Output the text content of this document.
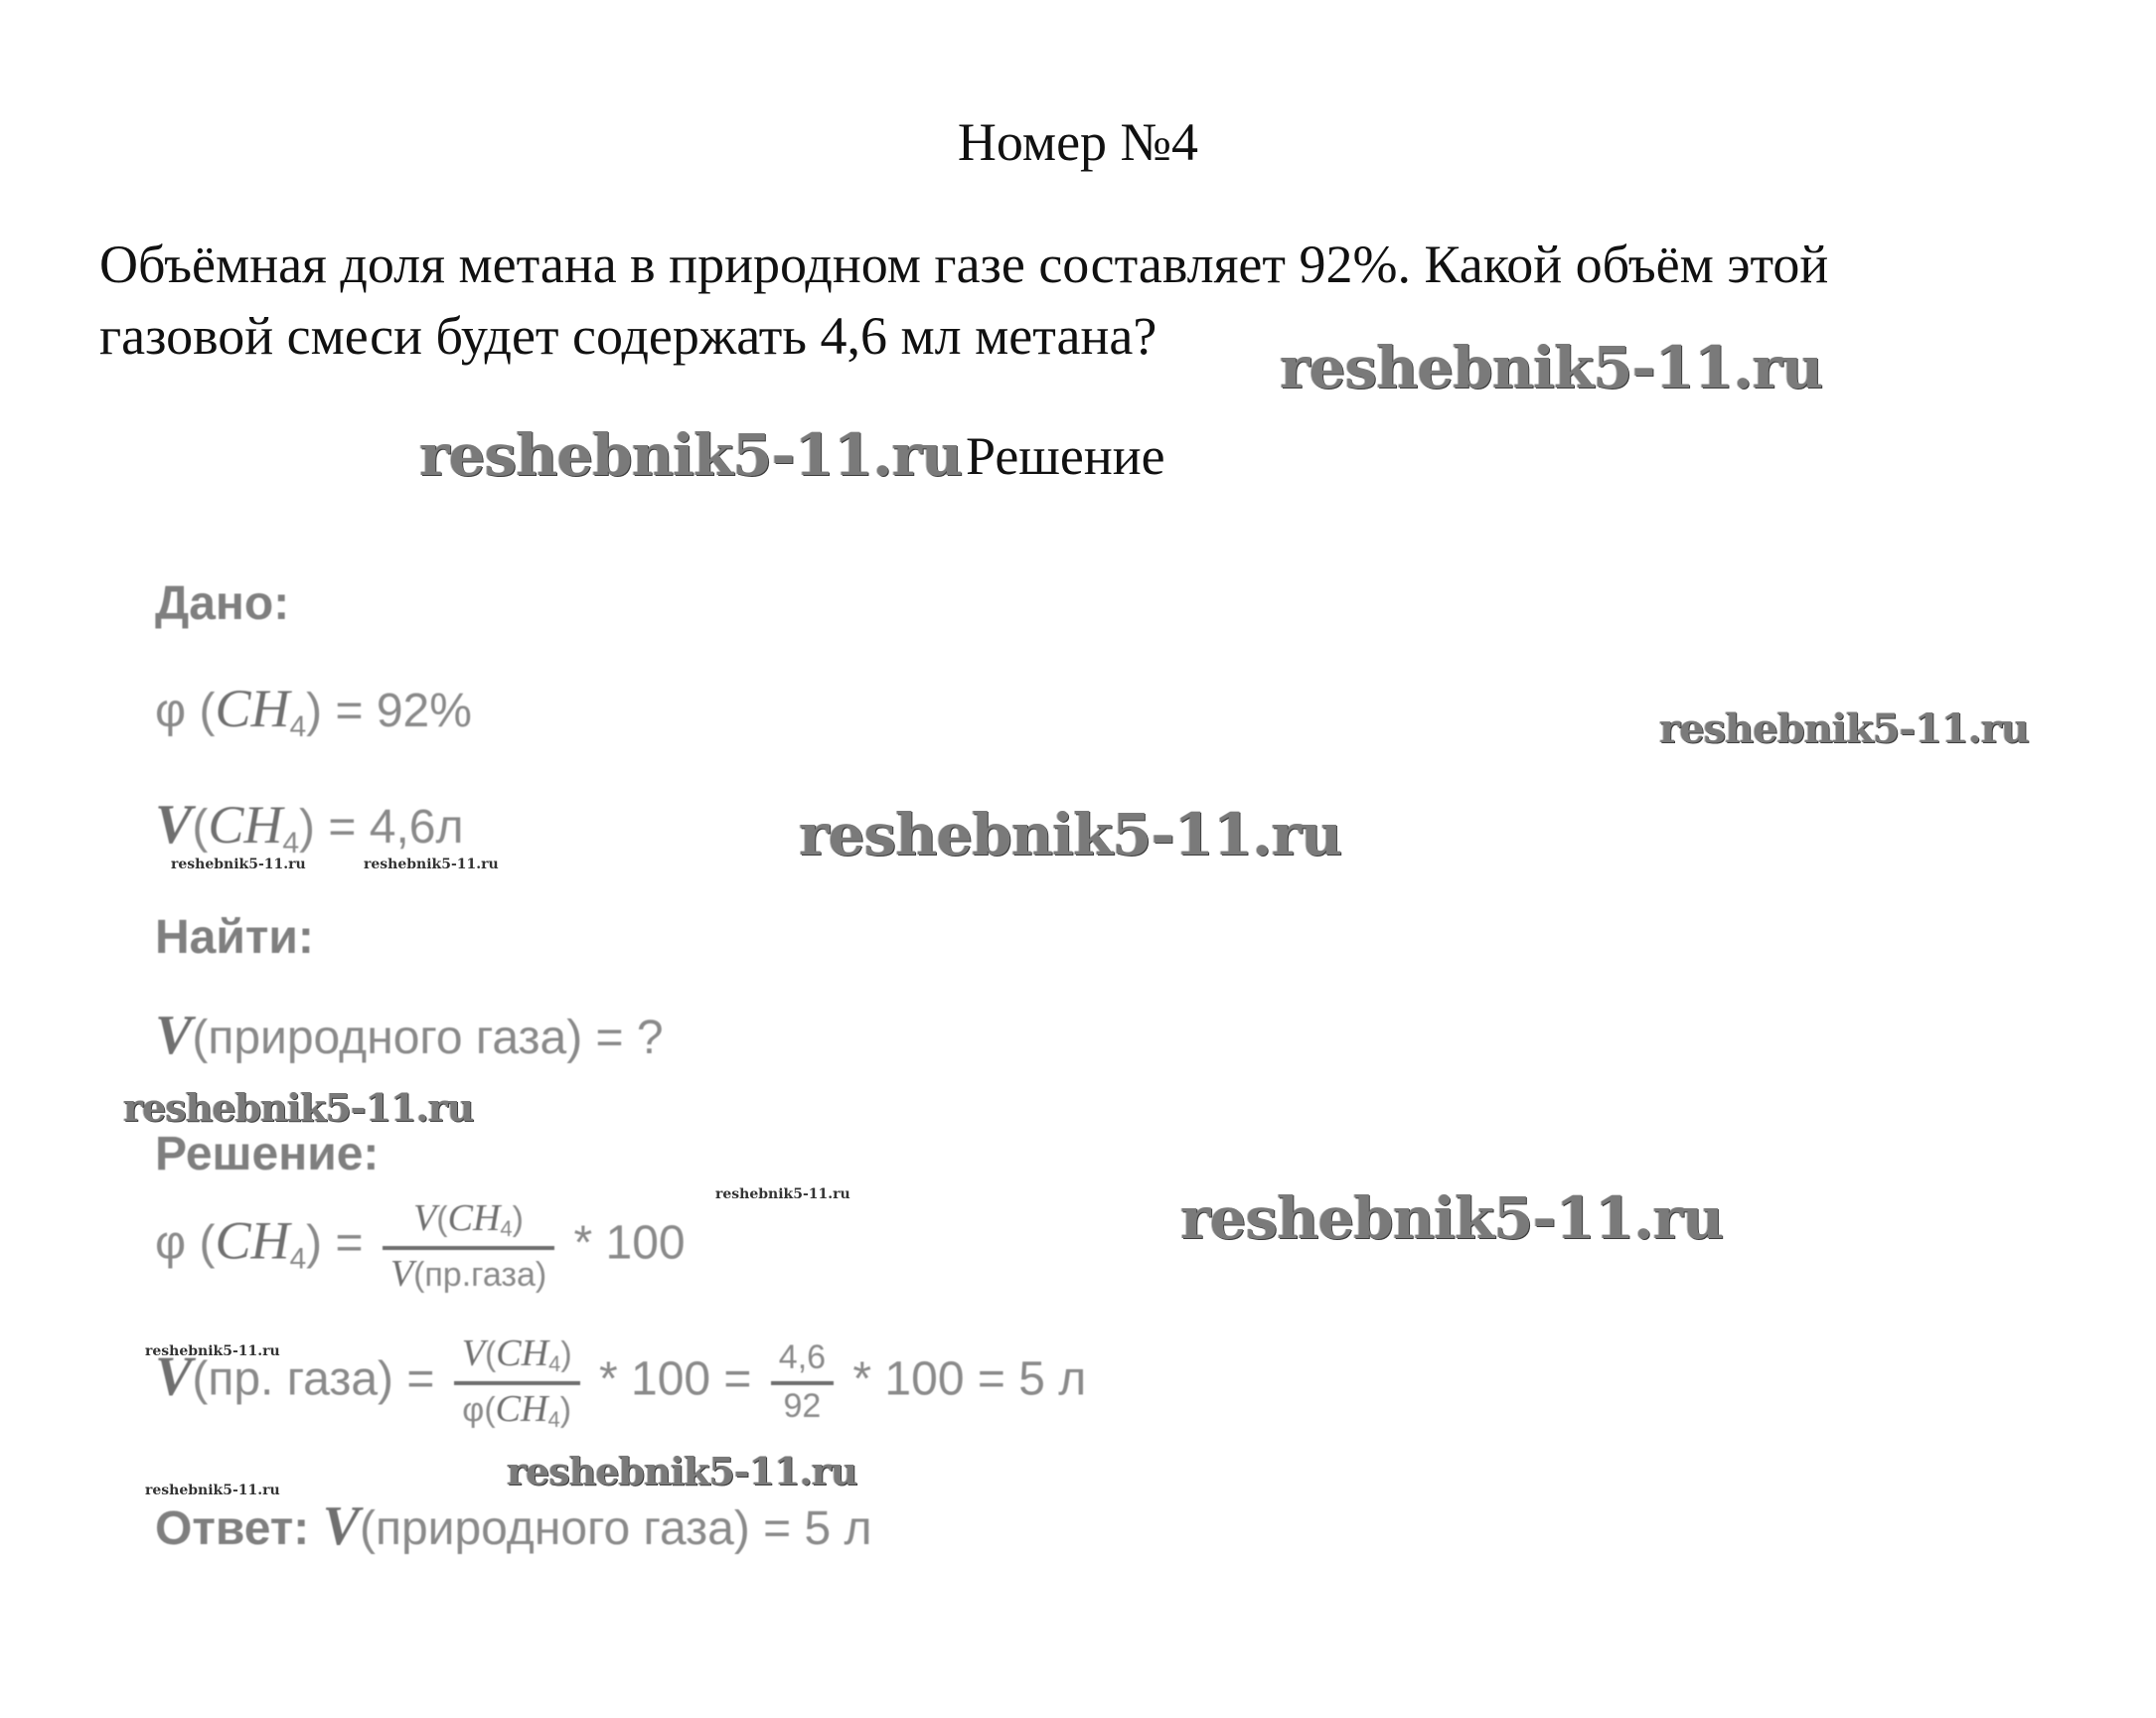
Номер №4
Объёмная доля метана в природном газе составляет 92%. Какой объём этой
газовой смеси будет содержать 4,6 мл метана?
Решение
reshebnik5-11.ru
reshebnik5-11.ru
reshebnik5-11.ru
reshebnik5-11.ru
reshebnik5-11.ru
reshebnik5-11.ru
reshebnik5-11.ru
reshebnik5-11.ru	reshebnik5-11.ru
reshebnik5-11.ru
reshebnik5-11.ru
reshebnik5-11.ru
Дано:
φ $(CH_4) = 92\%$
$V(CH_4) = 4,6л$
Найти:
V(природного газа) = ?
Решение:
φ $(CH_4) = \frac{V(CH_4)}{\text{V(пр.газа)}} * 100$
V(пр. газа) = $\frac{V(CH_4)}{\varphi(CH_4)} * 100 = \frac{4,6}{92} * 100 = 5$ л
Ответ: V(природного газа) = 5 л
